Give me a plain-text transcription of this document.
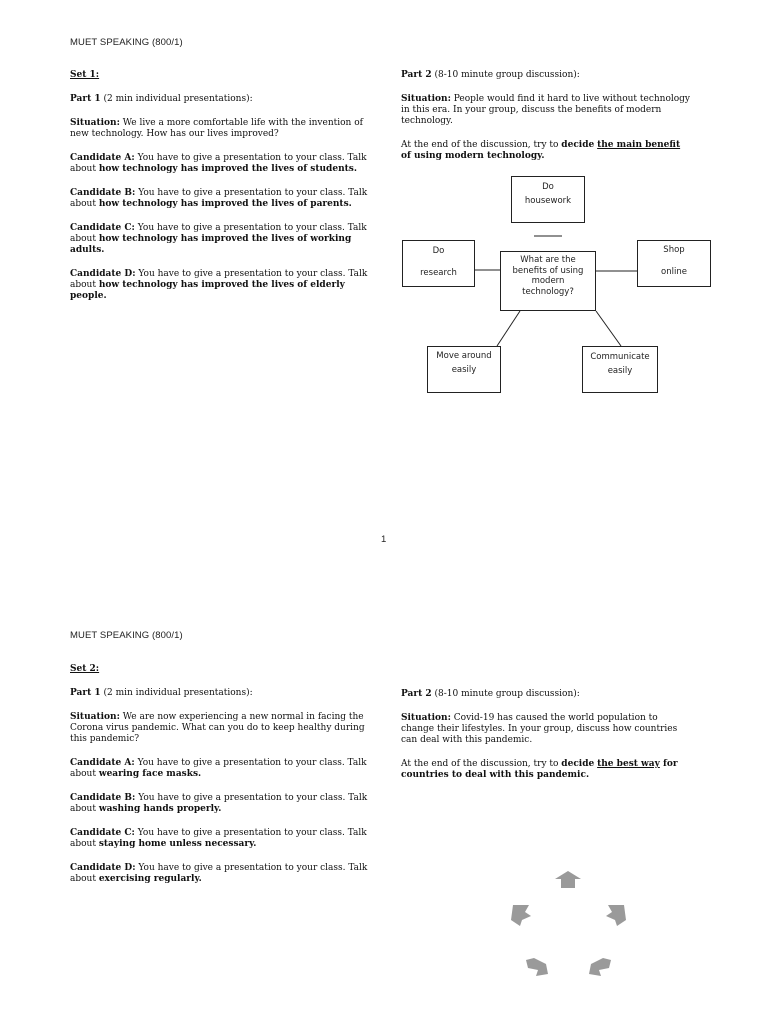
MUET SPEAKING (800/1)

Set 1:

Part 1 (2 min individual presentations):

Situation: We live a more comfortable life with the invention of new technology. How has our lives improved?

Candidate A: You have to give a presentation to your class. Talk about how technology has improved the lives of students.

Candidate B: You have to give a presentation to your class. Talk about how technology has improved the lives of parents.

Candidate C: You have to give a presentation to your class. Talk about how technology has improved the lives of working adults.

Candidate D: You have to give a presentation to your class. Talk about how technology has improved the lives of elderly people.

Part 2 (8-10 minute group discussion):

Situation: People would find it hard to live without technology in this era. In your group, discuss the benefits of modern technology.

At the end of the discussion, try to decide the main benefit of using modern technology.

Do
housework
Do
research
What are the benefits of using modern technology?
Shop
online
Move around
easily
Communicate
easily
1
MUET SPEAKING (800/1)

Set 2:

Part 1 (2 min individual presentations):

Situation: We are now experiencing a new normal in facing the Corona virus pandemic. What can you do to keep healthy during this pandemic?

Candidate A: You have to give a presentation to your class. Talk about wearing face masks.

Candidate B: You have to give a presentation to your class. Talk about washing hands properly.

Candidate C: You have to give a presentation to your class. Talk about staying home unless necessary.

Candidate D: You have to give a presentation to your class. Talk about exercising regularly.

Part 2 (8-10 minute group discussion):

Situation: Covid-19 has caused the world population to change their lifestyles. In your group, discuss how countries can deal with this pandemic.

At the end of the discussion, try to decide the best way for countries to deal with this pandemic.
